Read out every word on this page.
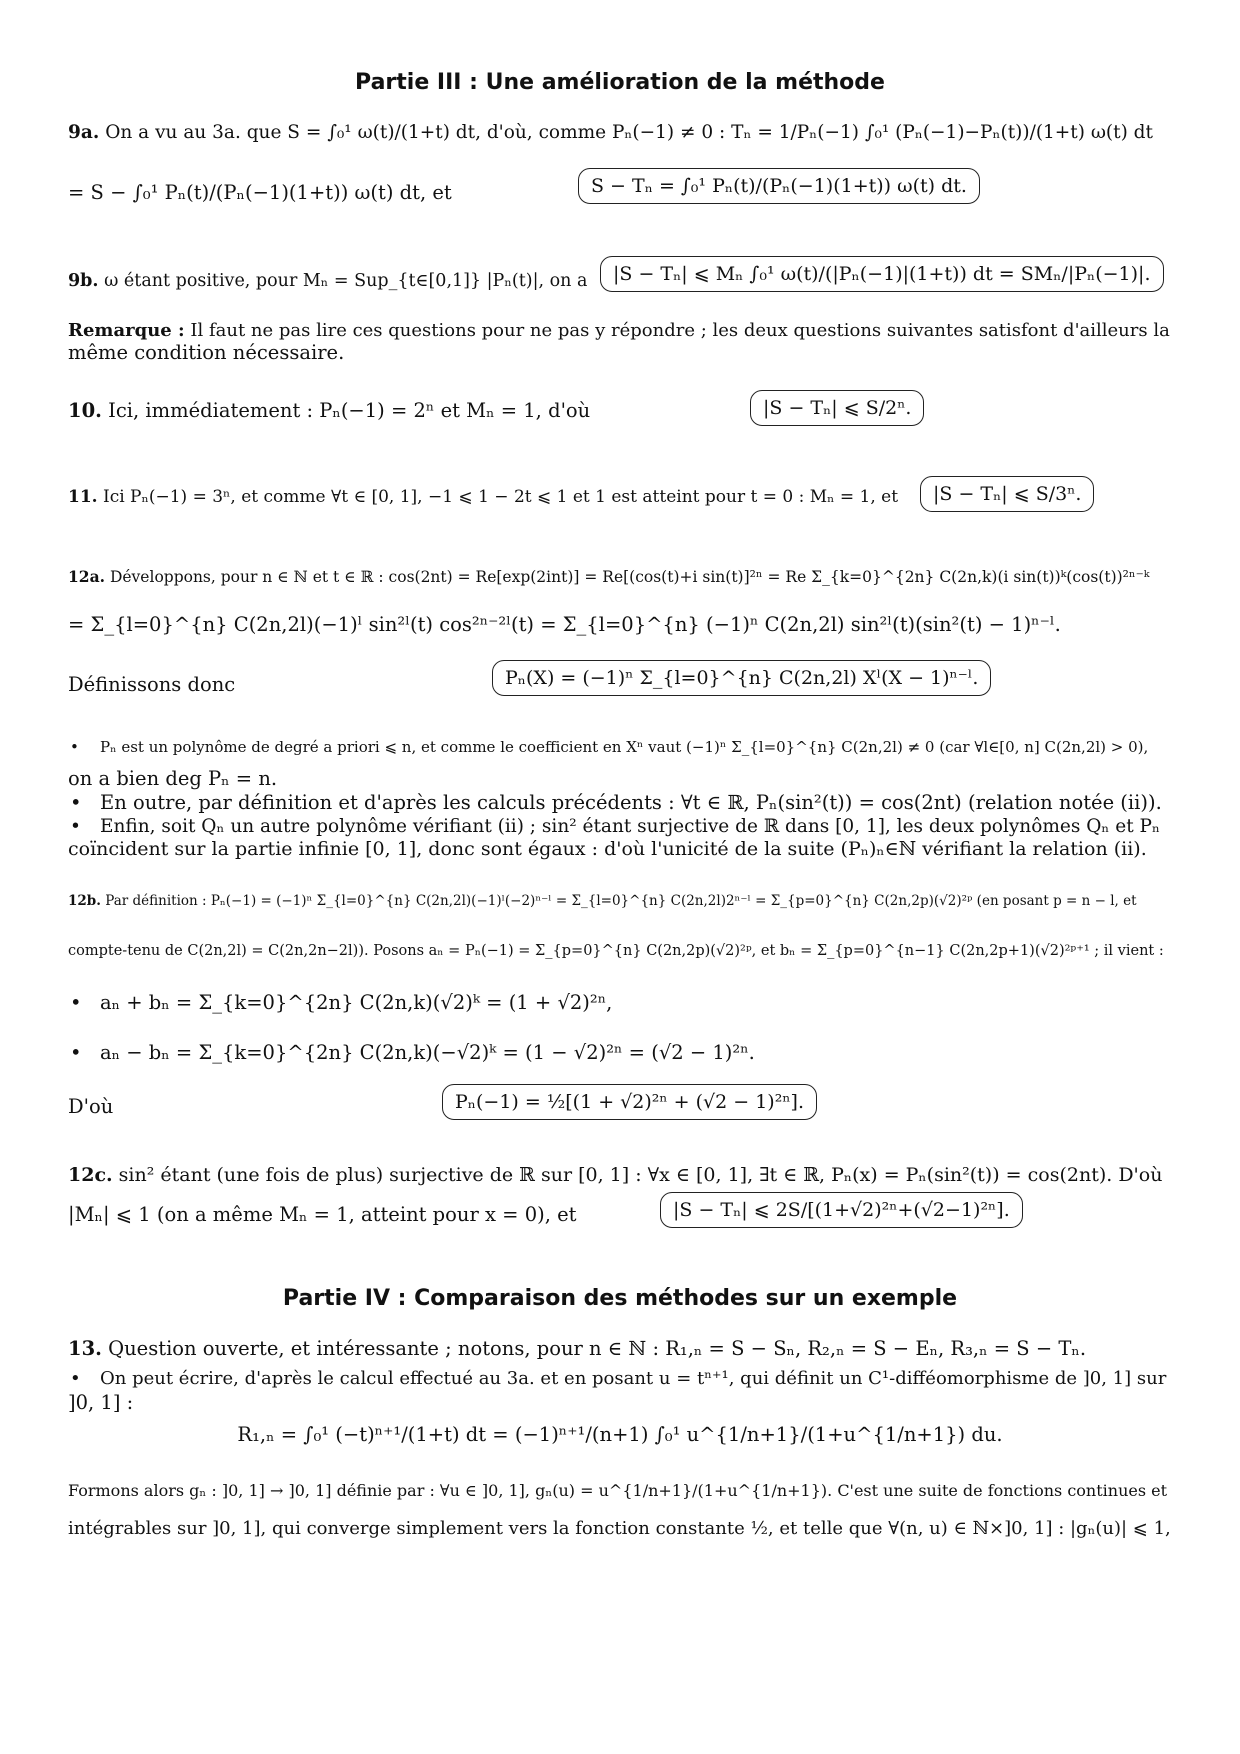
Partie III : Une amélioration de la méthode
9a. On a vu au 3a. que S = ∫₀¹ ω(t)/(1+t) dt, d'où, comme Pₙ(−1) ≠ 0 : Tₙ = 1/Pₙ(−1) ∫₀¹ (Pₙ(−1)−Pₙ(t))/(1+t) ω(t) dt
= S − ∫₀¹ Pₙ(t)/(Pₙ(−1)(1+t)) ω(t) dt, et	S − Tₙ = ∫₀¹ Pₙ(t)/(Pₙ(−1)(1+t)) ω(t) dt.
9b. ω étant positive, pour Mₙ = Sup_{t∈[0,1]} |Pₙ(t)|, on a	|S − Tₙ| ⩽ Mₙ ∫₀¹ ω(t)/(|Pₙ(−1)|(1+t)) dt = SMₙ/|Pₙ(−1)|.
Remarque : Il faut ne pas lire ces questions pour ne pas y répondre ; les deux questions suivantes satisfont d'ailleurs la
même condition nécessaire.
10. Ici, immédiatement : Pₙ(−1) = 2ⁿ et Mₙ = 1, d'où	|S − Tₙ| ⩽ S/2ⁿ.
11. Ici Pₙ(−1) = 3ⁿ, et comme ∀t ∈ [0, 1], −1 ⩽ 1 − 2t ⩽ 1 et 1 est atteint pour t = 0 : Mₙ = 1, et	|S − Tₙ| ⩽ S/3ⁿ.
12a. Développons, pour n ∈ ℕ et t ∈ ℝ : cos(2nt) = Re[exp(2int)] = Re[(cos(t)+i sin(t)]²ⁿ = Re Σ_{k=0}^{2n} C(2n,k)(i sin(t))ᵏ(cos(t))²ⁿ⁻ᵏ
= Σ_{l=0}^{n} C(2n,2l)(−1)ˡ sin²ˡ(t) cos²ⁿ⁻²ˡ(t) = Σ_{l=0}^{n} (−1)ⁿ C(2n,2l) sin²ˡ(t)(sin²(t) − 1)ⁿ⁻ˡ.
Définissons donc	Pₙ(X) = (−1)ⁿ Σ_{l=0}^{n} C(2n,2l) Xˡ(X − 1)ⁿ⁻ˡ.
• Pₙ est un polynôme de degré a priori ⩽ n, et comme le coefficient en Xⁿ vaut (−1)ⁿ Σ_{l=0}^{n} C(2n,2l) ≠ 0 (car ∀l∈[0, n] C(2n,2l) > 0),
on a bien deg Pₙ = n.
• En outre, par définition et d'après les calculs précédents : ∀t ∈ ℝ, Pₙ(sin²(t)) = cos(2nt) (relation notée (ii)).
• Enfin, soit Qₙ un autre polynôme vérifiant (ii) ; sin² étant surjective de ℝ dans [0, 1], les deux polynômes Qₙ et Pₙ
coïncident sur la partie infinie [0, 1], donc sont égaux : d'où l'unicité de la suite (Pₙ)ₙ∈ℕ vérifiant la relation (ii).
12b. Par définition : Pₙ(−1) = (−1)ⁿ Σ_{l=0}^{n} C(2n,2l)(−1)ˡ(−2)ⁿ⁻ˡ = Σ_{l=0}^{n} C(2n,2l)2ⁿ⁻ˡ = Σ_{p=0}^{n} C(2n,2p)(√2)²ᵖ (en posant p = n − l, et
compte-tenu de C(2n,2l) = C(2n,2n−2l)). Posons aₙ = Pₙ(−1) = Σ_{p=0}^{n} C(2n,2p)(√2)²ᵖ, et bₙ = Σ_{p=0}^{n−1} C(2n,2p+1)(√2)²ᵖ⁺¹ ; il vient :
• aₙ + bₙ = Σ_{k=0}^{2n} C(2n,k)(√2)ᵏ = (1 + √2)²ⁿ,
• aₙ − bₙ = Σ_{k=0}^{2n} C(2n,k)(−√2)ᵏ = (1 − √2)²ⁿ = (√2 − 1)²ⁿ.
D'où	Pₙ(−1) = ½[(1 + √2)²ⁿ + (√2 − 1)²ⁿ].
12c. sin² étant (une fois de plus) surjective de ℝ sur [0, 1] : ∀x ∈ [0, 1], ∃t ∈ ℝ, Pₙ(x) = Pₙ(sin²(t)) = cos(2nt). D'où
|Mₙ| ⩽ 1 (on a même Mₙ = 1, atteint pour x = 0), et	|S − Tₙ| ⩽ 2S/[(1+√2)²ⁿ+(√2−1)²ⁿ].
Partie IV : Comparaison des méthodes sur un exemple
13. Question ouverte, et intéressante ; notons, pour n ∈ ℕ : R₁,ₙ = S − Sₙ, R₂,ₙ = S − Eₙ, R₃,ₙ = S − Tₙ.
• On peut écrire, d'après le calcul effectué au 3a. et en posant u = tⁿ⁺¹, qui définit un C¹-difféomorphisme de ]0, 1] sur
]0, 1] :
R₁,ₙ = ∫₀¹ (−t)ⁿ⁺¹/(1+t) dt = (−1)ⁿ⁺¹/(n+1) ∫₀¹ u^{1/n+1}/(1+u^{1/n+1}) du.
Formons alors gₙ : ]0, 1] → ]0, 1] définie par : ∀u ∈ ]0, 1], gₙ(u) = u^{1/n+1}/(1+u^{1/n+1}). C'est une suite de fonctions continues et
intégrables sur ]0, 1], qui converge simplement vers la fonction constante ½, et telle que ∀(n, u) ∈ ℕ×]0, 1] : |gₙ(u)| ⩽ 1,
